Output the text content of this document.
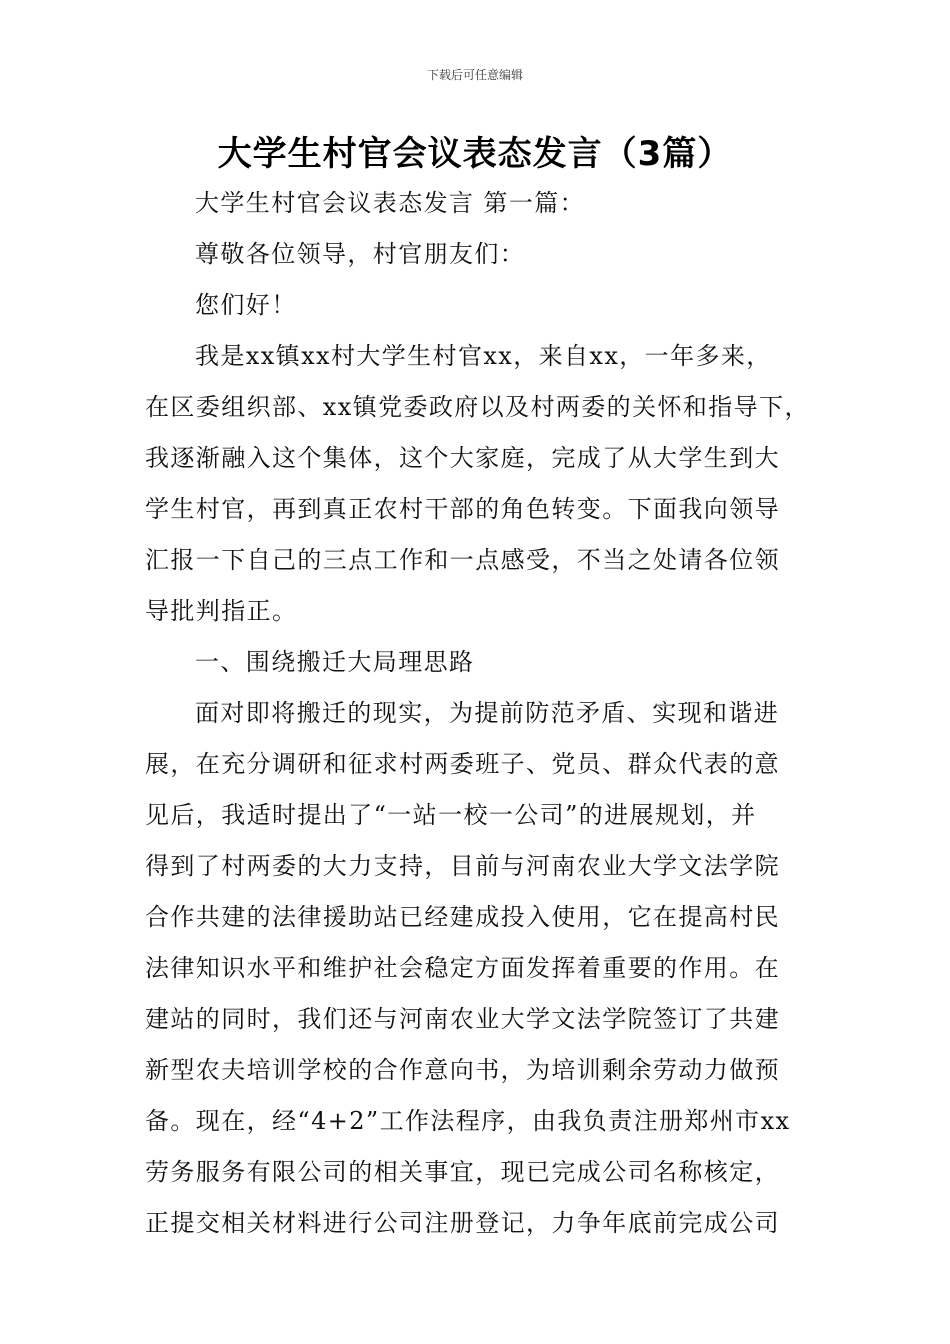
下载后可任意编辑
大学生村官会议表态发言（3篇）

大学生村官会议表态发言 第一篇：

尊敬各位领导，村官朋友们：

您们好！

我是xx镇xx村大学生村官xx，来自xx，一年多来，
在区委组织部、xx镇党委政府以及村两委的关怀和指导下，
我逐渐融入这个集体，这个大家庭，完成了从大学生到大
学生村官，再到真正农村干部的角色转变。下面我向领导
汇报一下自己的三点工作和一点感受，不当之处请各位领
导批判指正。

一、围绕搬迁大局理思路

面对即将搬迁的现实，为提前防范矛盾、实现和谐进
展，在充分调研和征求村两委班子、党员、群众代表的意
见后，我适时提出了“一站一校一公司”的进展规划，并
得到了村两委的大力支持，目前与河南农业大学文法学院
合作共建的法律援助站已经建成投入使用，它在提高村民
法律知识水平和维护社会稳定方面发挥着重要的作用。在
建站的同时，我们还与河南农业大学文法学院签订了共建
新型农夫培训学校的合作意向书，为培训剩余劳动力做预
备。现在，经“4+2”工作法程序，由我负责注册郑州市xx
劳务服务有限公司的相关事宜，现已完成公司名称核定，
正提交相关材料进行公司注册登记，力争年底前完成公司
